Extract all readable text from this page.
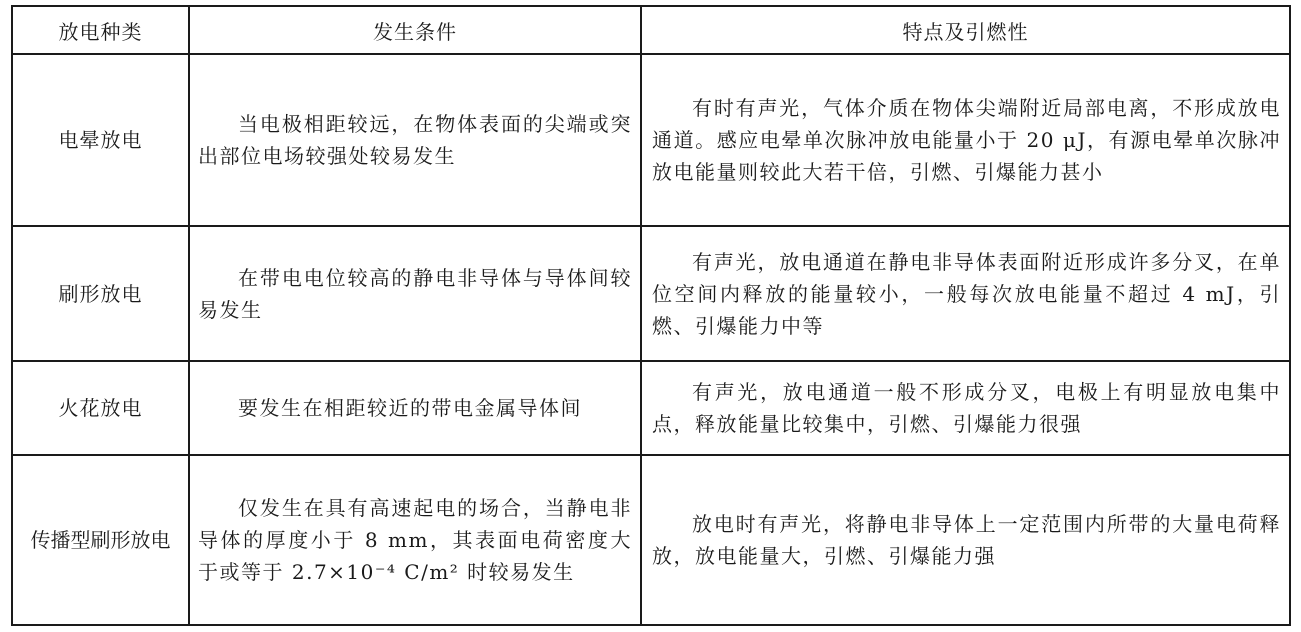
放电种类	发生条件	特点及引燃性
电晕放电	当电极相距较远，在物体表面的尖端或突出部位电场较强处较易发生	有时有声光，气体介质在物体尖端附近局部电离，不形成放电通道。感应电晕单次脉冲放电能量小于 20 μJ，有源电晕单次脉冲放电能量则较此大若干倍，引燃、引爆能力甚小

刷形放电	在带电电位较高的静电非导体与导体间较易发生	有声光，放电通道在静电非导体表面附近形成许多分叉，在单位空间内释放的能量较小，一般每次放电能量不超过 4 mJ，引燃、引爆能力中等

火花放电	要发生在相距较近的带电金属导体间	有声光，放电通道一般不形成分叉，电极上有明显放电集中点，释放能量比较集中，引燃、引爆能力很强

传播型刷形放电	仅发生在具有高速起电的场合，当静电非导体的厚度小于 8 mm，其表面电荷密度大于或等于 2.7×10⁻⁴ C/m² 时较易发生	放电时有声光，将静电非导体上一定范围内所带的大量电荷释放，放电能量大，引燃、引爆能力强
